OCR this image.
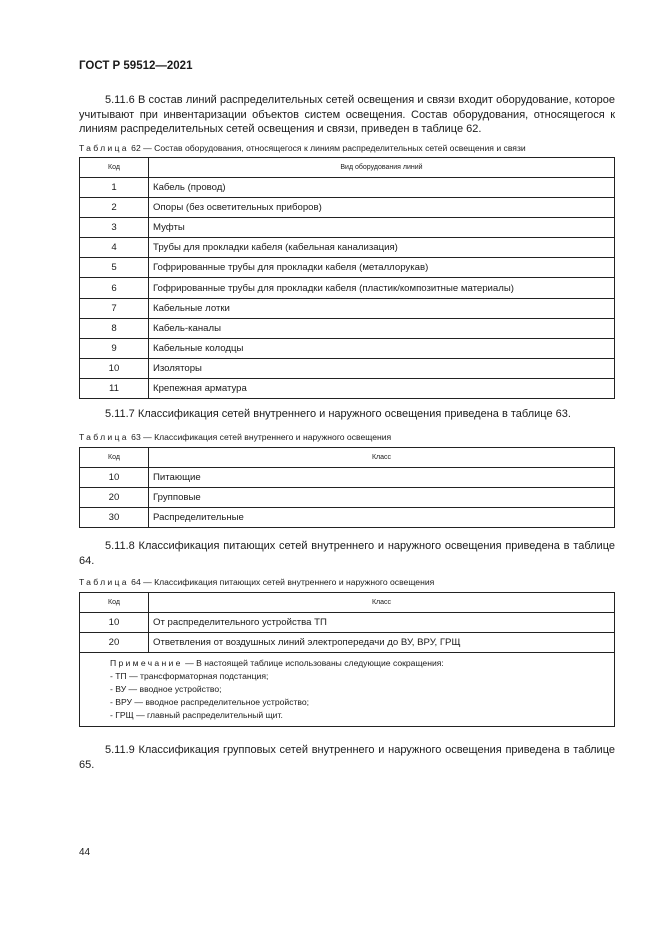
ГОСТ Р 59512—2021
5.11.6 В состав линий распределительных сетей освещения и связи входит оборудование, которое учитывают при инвентаризации объектов систем освещения. Состав оборудования, относящегося к линиям распределительных сетей освещения и связи, приведен в таблице 62.
Таблица 62 — Состав оборудования, относящегося к линиям распределительных сетей освещения и связи
Код	Вид оборудования линий
1	Кабель (провод)
2	Опоры (без осветительных приборов)
3	Муфты
4	Трубы для прокладки кабеля (кабельная канализация)
5	Гофрированные трубы для прокладки кабеля (металлорукав)
6	Гофрированные трубы для прокладки кабеля (пластик/композитные материалы)
7	Кабельные лотки
8	Кабель-каналы
9	Кабельные колодцы
10	Изоляторы
11	Крепежная арматура
5.11.7 Классификация сетей внутреннего и наружного освещения приведена в таблице 63.
Таблица 63 — Классификация сетей внутреннего и наружного освещения
Код	Класс
10	Питающие
20	Групповые
30	Распределительные
5.11.8 Классификация питающих сетей внутреннего и наружного освещения приведена в таблице 64.
Таблица 64 — Классификация питающих сетей внутреннего и наружного освещения
Код	Класс
10	От распределительного устройства ТП
20	Ответвления от воздушных линий электропередачи до ВУ, ВРУ, ГРЩ

Примечание — В настоящей таблице использованы следующие сокращения:
- ТП — трансформаторная подстанция;
- ВУ — вводное устройство;
- ВРУ — вводное распределительное устройство;
- ГРЩ — главный распределительный щит.	
5.11.9 Классификация групповых сетей внутреннего и наружного освещения приведена в таблице 65.
44
